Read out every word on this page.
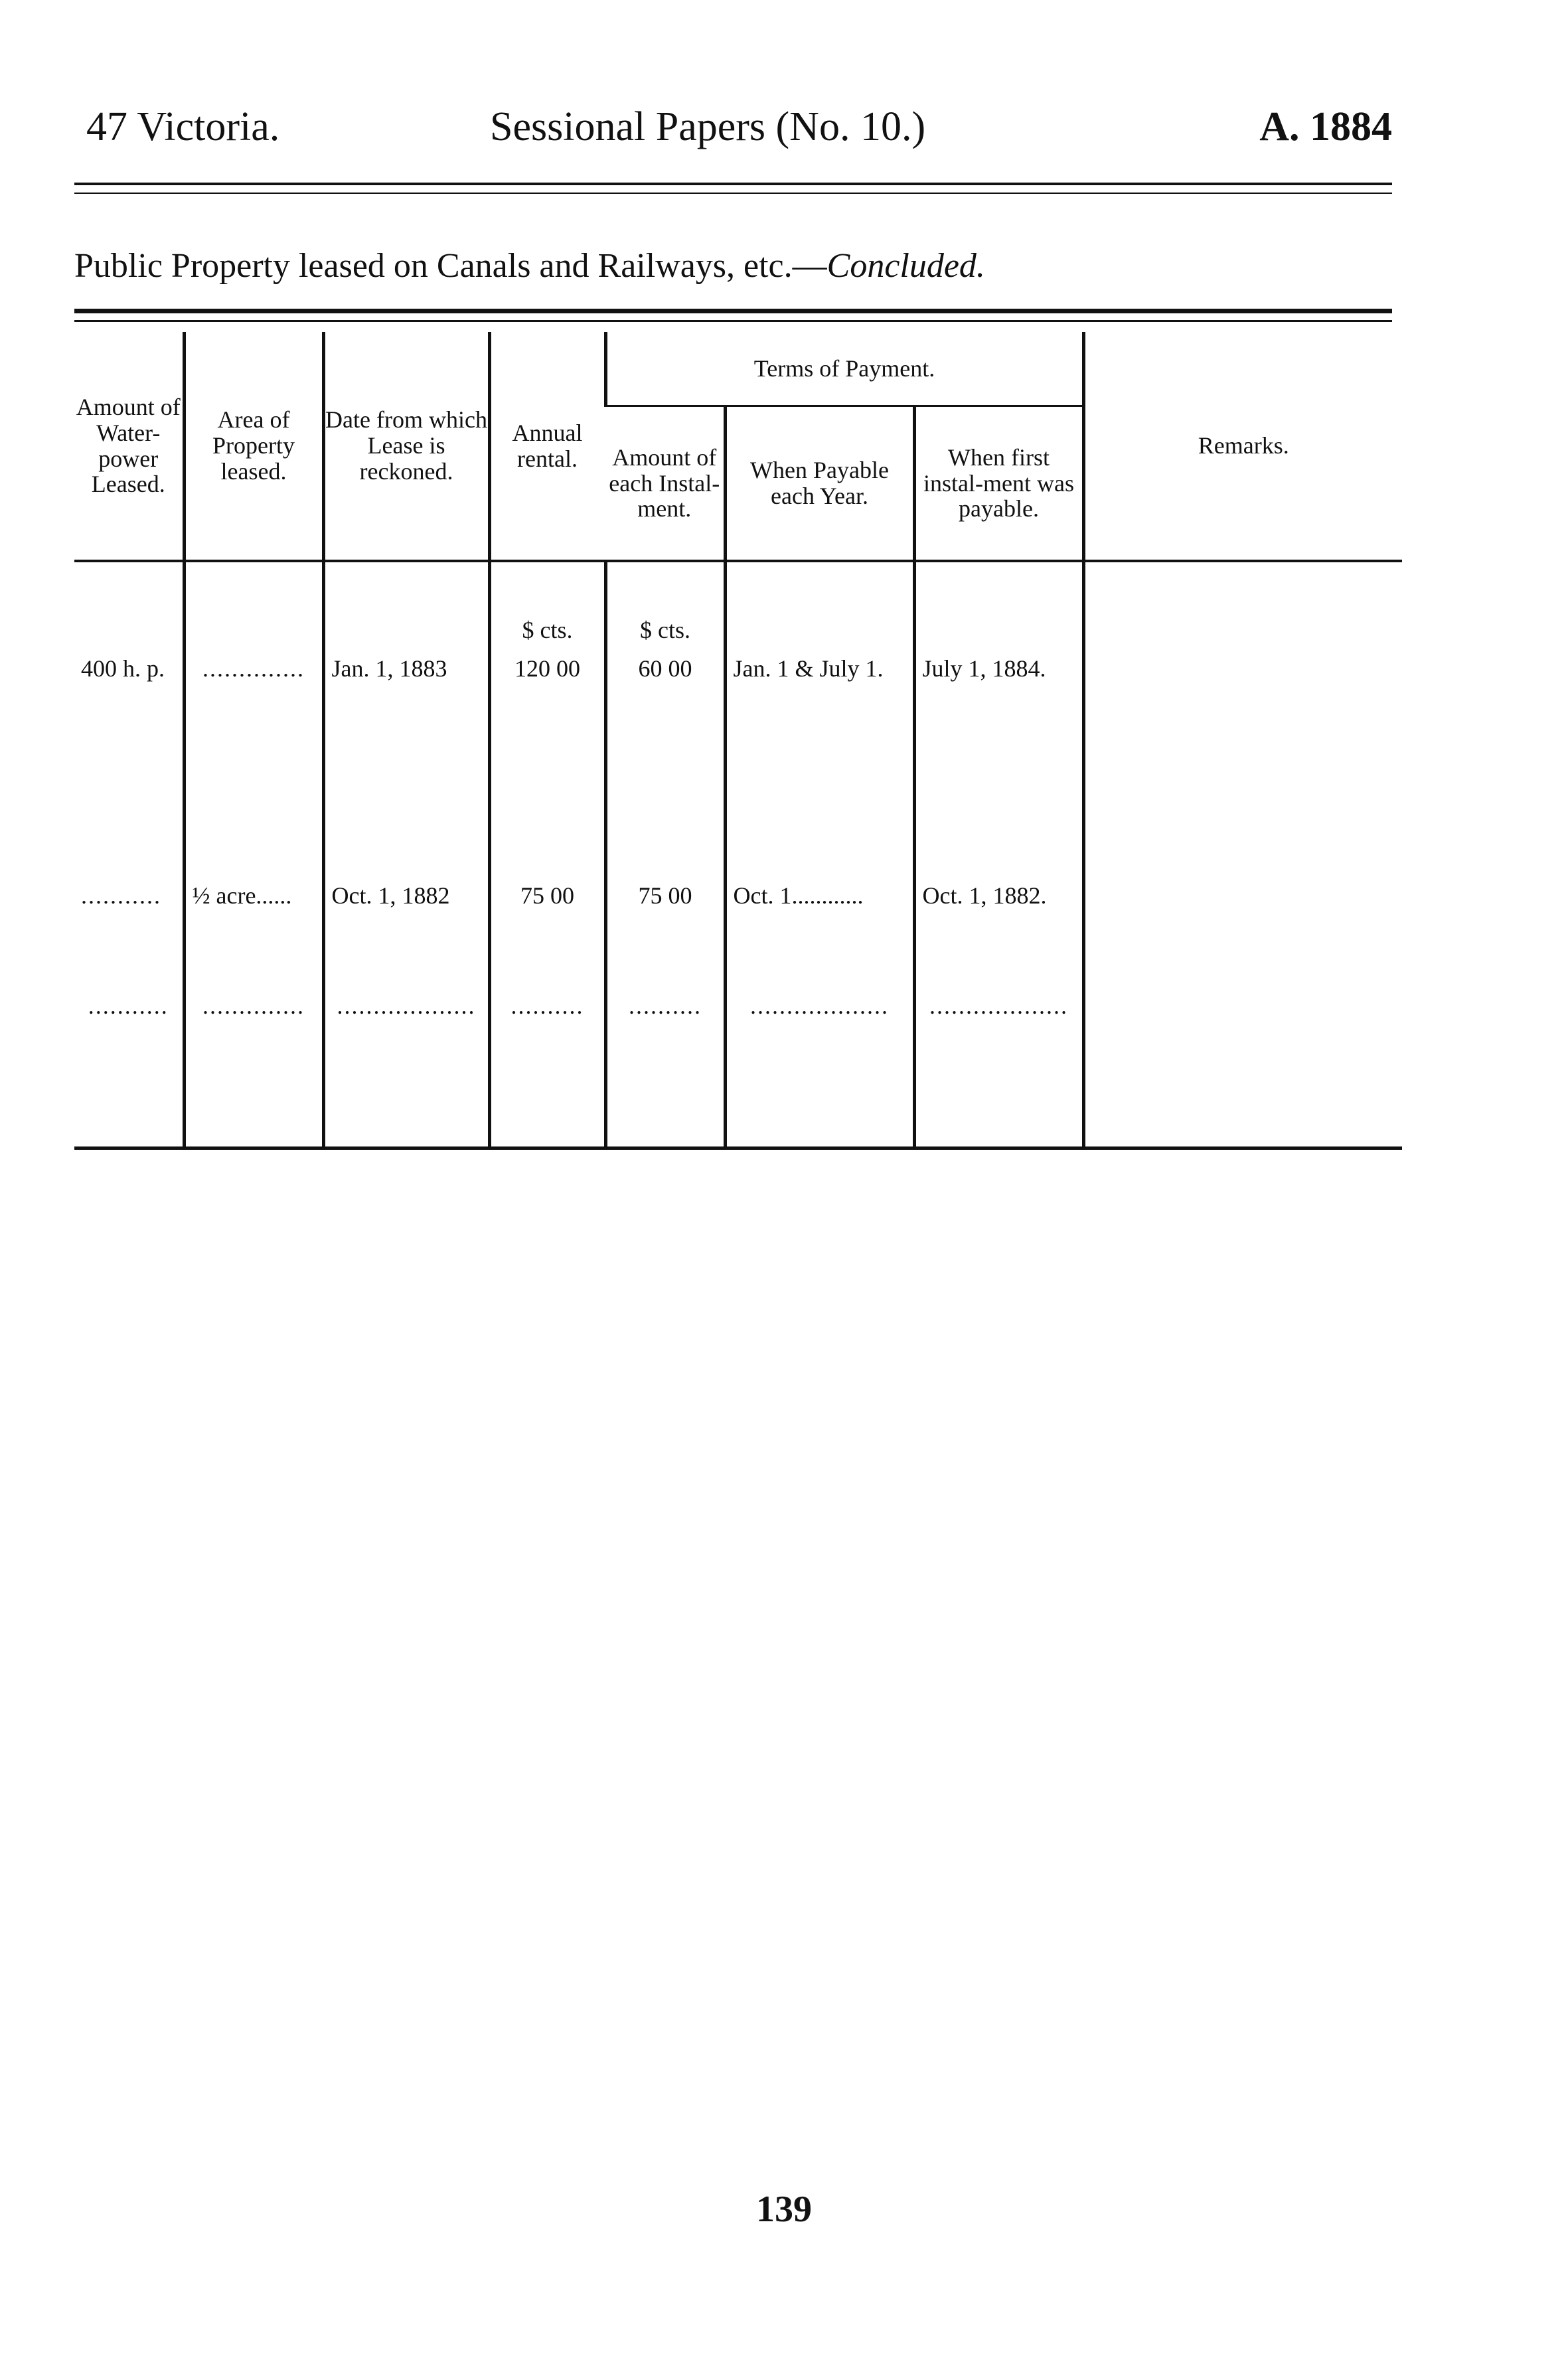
47 Victoria.	Sessional Papers (No. 10.)	A. 1884
Public Property leased on Canals and Railways, etc.—Concluded.
Amount of Water-power Leased.	Area of Property leased.	Date from which Lease is reckoned.	Annual rental.	Terms of Payment.			Remarks.
				Amount of each Instal-ment.	When Payable each Year.	When first instal-ment was payable.	
			$ cts.	$ cts.			
400 h. p.	..............	Jan. 1, 1883	120 00	60 00	Jan. 1 & July 1.	July 1, 1884.	
...........	½ acre......	Oct. 1, 1882	75 00	75 00	Oct. 1............	Oct. 1, 1882.	
...........	..............	...................	..........	..........	...................	...................	
139
